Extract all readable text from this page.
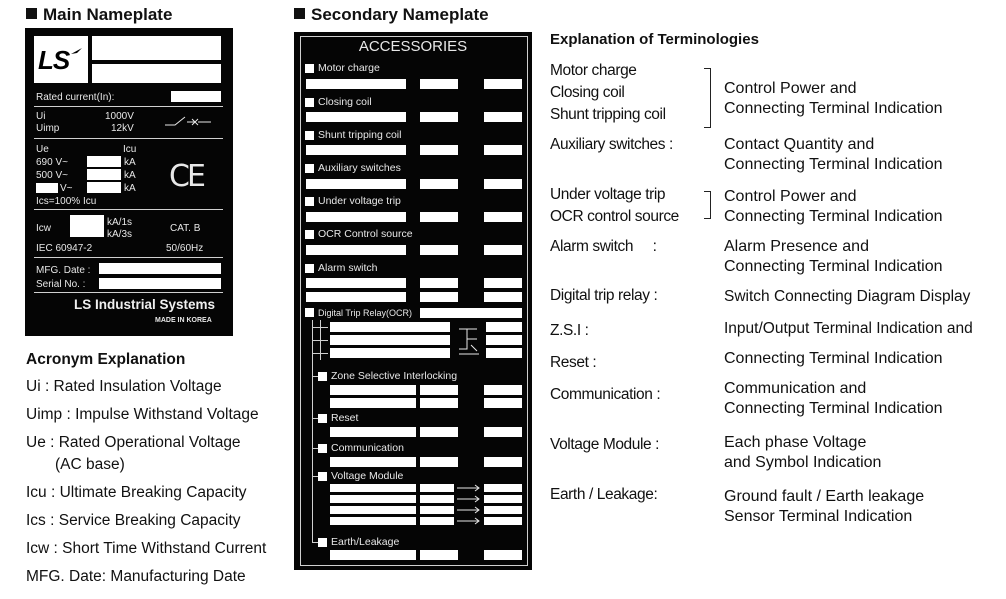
Main Nameplate	Secondary Nameplate
LS
Rated current(In):
Ui	1000V
Uimp	12kV
Ue	Icu
690 V~	kA
500 V~	kA
V~	kA
Ics=100% Icu
CE
Icw
kA/1s
kA/3s
CAT. B
IEC 60947-2	50/60Hz
MFG. Date :
Serial No. :
LS Industrial Systems
MADE IN KOREA
ACCESSORIES
Motor charge
Closing coil
Shunt tripping coil
Auxiliary switches
Under voltage trip
OCR Control source
Alarm switch
Digital Trip Relay(OCR)
Zone Selective Interlocking
Reset
Communication
Voltage Module
Earth/Leakage
Acronym Explanation
Ui : Rated Insulation Voltage
Uimp : Impulse Withstand Voltage
Ue : Rated Operational Voltage
(AC base)
Icu : Ultimate Breaking Capacity
Ics : Service Breaking Capacity
Icw : Short Time Withstand Current
MFG. Date: Manufacturing Date
Explanation of Terminologies
Motor charge
Closing coil
Shunt tripping coil
Control Power and
Connecting Terminal Indication
Auxiliary switches :	Contact Quantity and
Connecting Terminal Indication
Under voltage trip
OCR control source
Control Power and
Connecting Terminal Indication
Alarm switch     :	Alarm Presence and
Connecting Terminal Indication
Digital trip relay :	Switch Connecting Diagram Display
Z.S.I :	Input/Output Terminal Indication and
Reset :	Connecting Terminal Indication
Communication :	Communication and
Connecting Terminal Indication
Voltage Module :	Each phase Voltage
and Symbol Indication
Earth / Leakage:	Ground fault / Earth leakage
Sensor Terminal Indication
